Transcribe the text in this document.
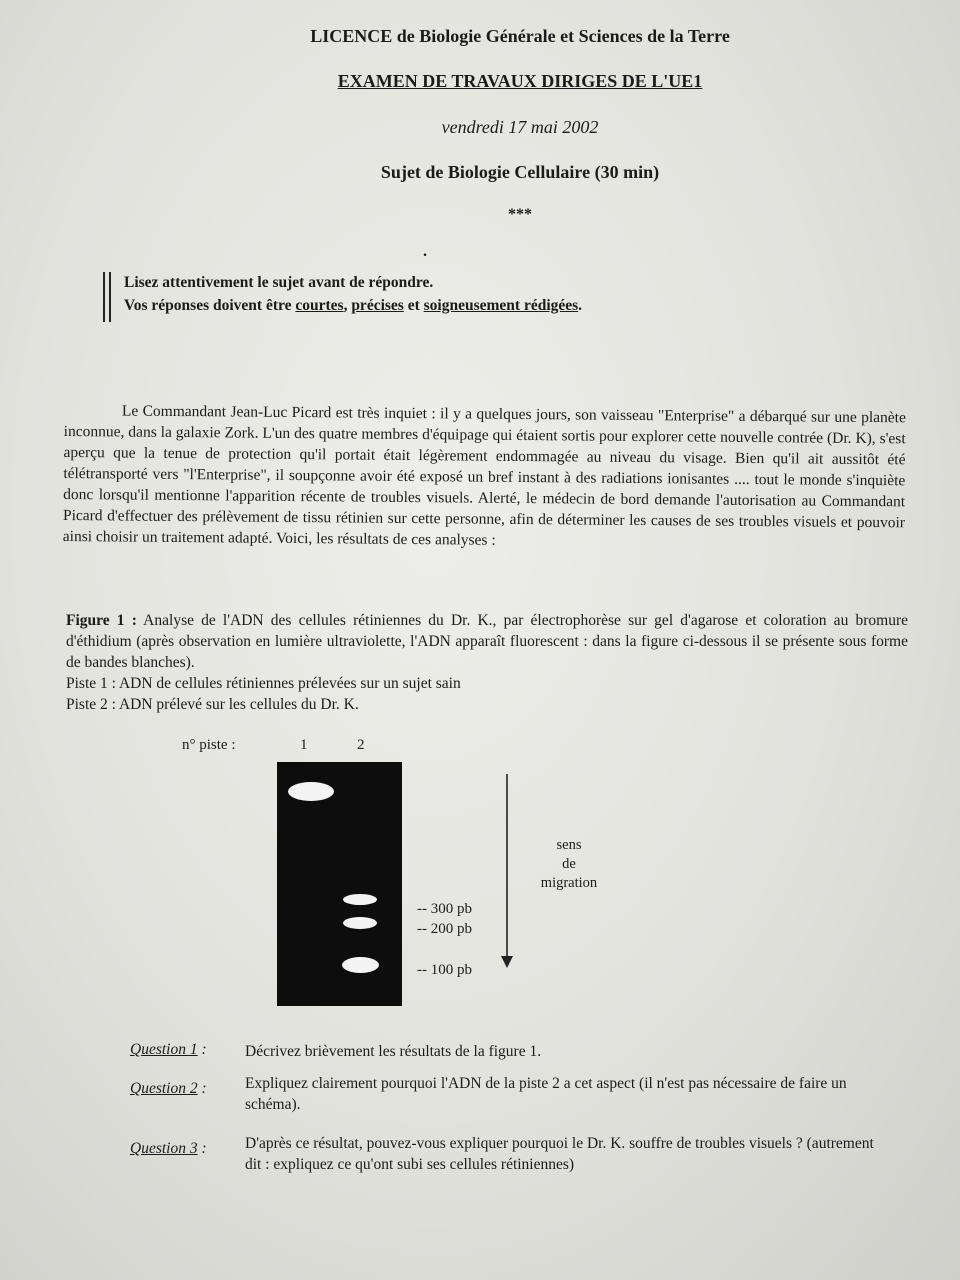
LICENCE de Biologie Générale et Sciences de la Terre
EXAMEN DE TRAVAUX DIRIGES DE L'UE1
vendredi 17 mai 2002
Sujet de Biologie Cellulaire (30 min)
***
.
Lisez attentivement le sujet avant de répondre.
Vos réponses doivent être courtes, précises et soigneusement rédigées.

Le Commandant Jean-Luc Picard est très inquiet : il y a quelques jours, son vaisseau "Enterprise" a débarqué sur une planète inconnue, dans la galaxie Zork. L'un des quatre membres d'équipage qui étaient sortis pour explorer cette nouvelle contrée (Dr. K), s'est aperçu que la tenue de protection qu'il portait était légèrement endommagée au niveau du visage. Bien qu'il ait aussitôt été télétransporté vers "l'Enterprise", il soupçonne avoir été exposé un bref instant à des radiations ionisantes .... tout le monde s'inquiète donc lorsqu'il mentionne l'apparition récente de troubles visuels. Alerté, le médecin de bord demande l'autorisation au Commandant Picard d'effectuer des prélèvement de tissu rétinien sur cette personne, afin de déterminer les causes de ses troubles visuels et pouvoir ainsi choisir un traitement adapté. Voici, les résultats de ces analyses :

Figure 1 : Analyse de l'ADN des cellules rétiniennes du Dr. K., par électrophorèse sur gel d'agarose et coloration au bromure d'éthidium (après observation en lumière ultraviolette, l'ADN apparaît fluorescent : dans la figure ci-dessous il se présente sous forme de bandes blanches).

Piste 1 : ADN de cellules rétiniennes prélevées sur un sujet sain

Piste 2 : ADN prélevé sur les cellules du Dr. K.

n° piste :	1	2
-- 300 pb
-- 200 pb
-- 100 pb
sens
de
migration
Question 1 : Décrivez brièvement les résultats de la figure 1.
Question 2 : Expliquez clairement pourquoi l'ADN de la piste 2 a cet aspect (il n'est pas nécessaire de faire un schéma).
Question 3 : D'après ce résultat, pouvez-vous expliquer pourquoi le Dr. K. souffre de troubles visuels ? (autrement dit : expliquez ce qu'ont subi ses cellules rétiniennes)
